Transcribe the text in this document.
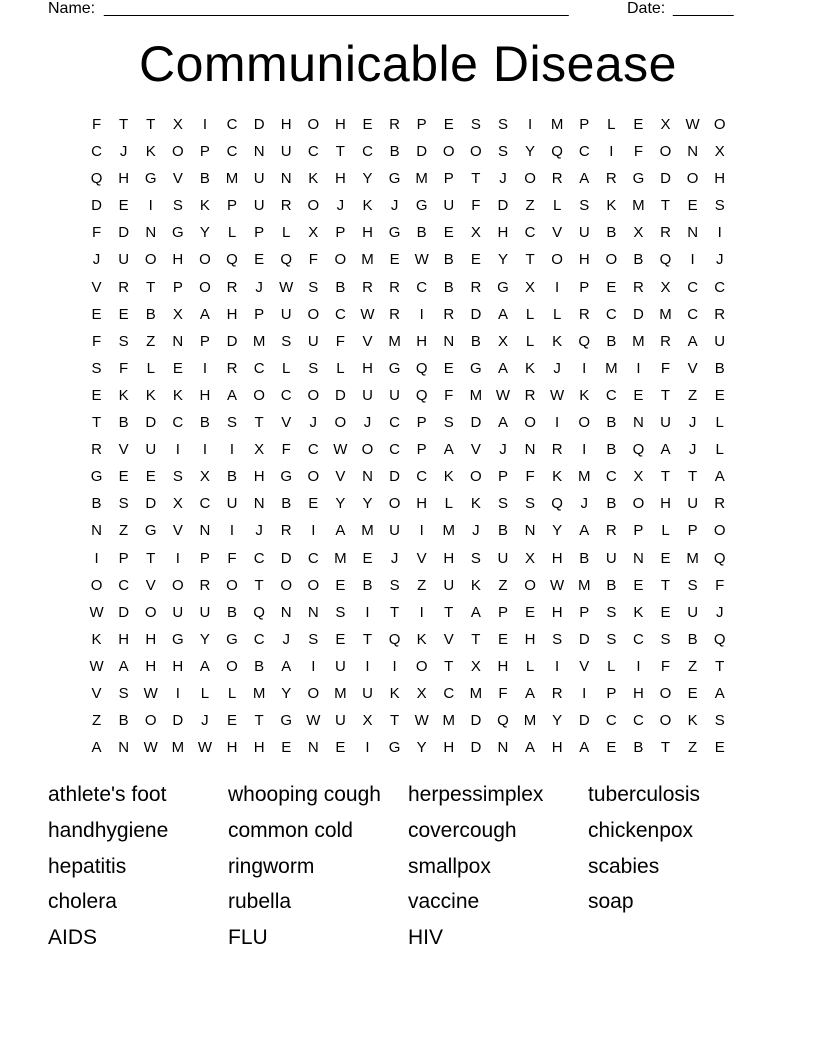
Name: ______________________________________________________	Date: _______
Communicable Disease
F	T	T	X	I	C	D	H	O	H	E	R	P	E	S	S	I	M	P	L	E	X	W O
C	J	K	O	P	C	N	U	C	T	C	B	D	O	O	S	Y	Q	C	I	F	O	N	X
Q	H	G	V	B	M	U	N	K	H	Y	G	M	P	T	J	O	R	A	R	G	D	O	H
D	E	I	S	K	P	U	R	O	J	K	J	G	U	F	D	Z	L	S	K	M	T	E	S
F	D	N	G	Y	L	P	L	X	P	H	G	B	E	X	H	C	V	U	B	X	R	N	I
J	U	O	H	O	Q	E	Q	F	O	M	E	W	B	E	Y	T	O	H	O	B	Q	I	J
V	R	T	P	O	R	J	W	S	B	R	R	C	B	R	G	X	I	P	E	R	X	C	C
E	E	B	X	A	H	P	U	O	C W R	I	R	D	A	L	L	R	C	D	M	C	R
F	S	Z	N	P	D	M	S	U	F	V	M	H	N	B	X	L	K	Q	B	M	R	A	U
S	F	L	E	I	R	C	L	S	L	H	G	Q	E	G	A	K	J	I	M	I	F	V	B
E	K	K	K	H	A	O	C	O	D	U	U	Q	F	M W R W	K	C	E	T	Z	E
T	B	D	C	B	S	T	V	J	O	J	C	P	S	D	A	O	I	O	B	N	U	J	L
R	V	U	I	I	I	X	F	C W O	C	P	A	V	J	N	R	I	B	Q	A	J	L
G	E	E	S	X	B	H	G	O	V	N	D	C	K	O	P	F	K	M	C	X	T	T	A
B	S	D	X	C	U	N	B	E	Y	Y	O	H	L	K	S	S	Q	J	B	O	H	U	R
N	Z	G	V	N	I	J	R	I	A	M	U	I	M	J	B	N	Y	A	R	P	L	P	O
I	P	T	I	P	F	C	D	C	M	E	J	V	H	S	U	X	H	B	U	N	E	M	Q
O	C	V	O	R	O	T	O	O	E	B	S	Z	U	K	Z	O W M	B	E	T	S	F
W D	O	U	U	B	Q	N	N	S	I	T	I	T	A	P	E	H	P	S	K	E	U	J
K	H	H	G	Y	G	C	J	S	E	T	Q	K	V	T	E	H	S	D	S	C	S	B	Q
W	A	H	H	A	O	B	A	I	U	I	I	O	T	X	H	L	I	V	L	I	F	Z	T
V	S	W	I	L	L	M	Y	O	M	U	K	X	C	M	F	A	R	I	P	H	O	E	A
Z	B	O	D	J	E	T	G W U	X	T	W M	D	Q	M	Y	D	C	C	O	K	S
A	N W M W H	H	E	N	E	I	G	Y	H	D	N	A	H	A	E	B	T	Z	E
athlete's foot	whooping cough	herpessimplex	tuberculosis
handhygiene	common cold	covercough	chickenpox
hepatitis	ringworm	smallpox	scabies
cholera	rubella	vaccine	soap
AIDS	FLU	HIV
